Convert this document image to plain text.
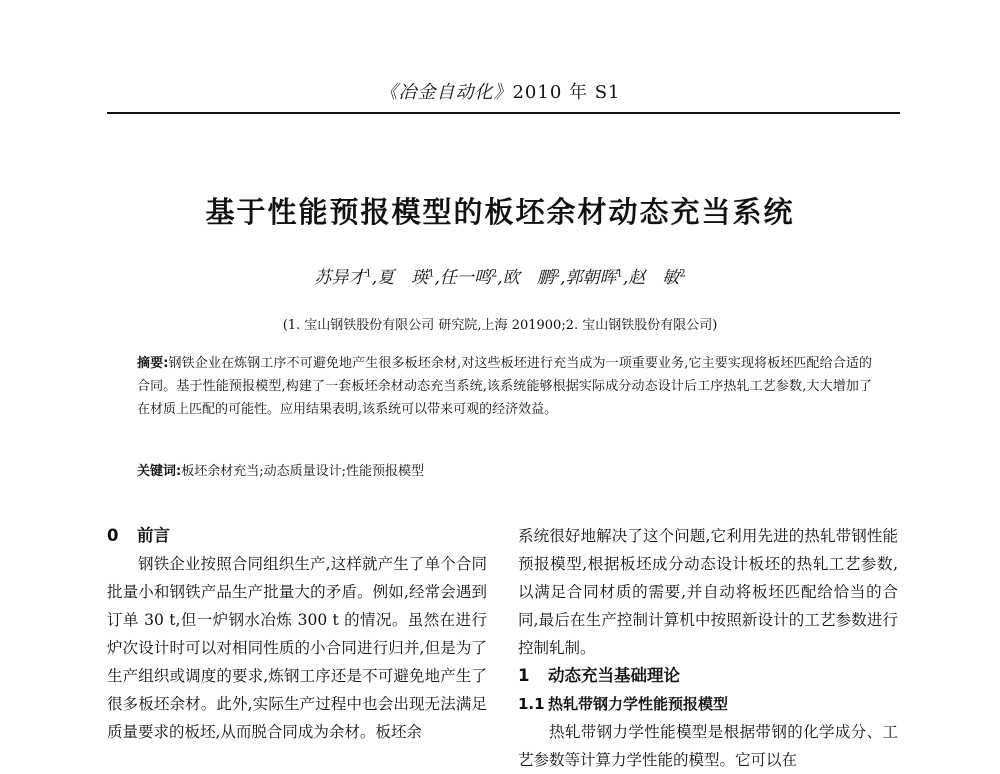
《冶金自动化》2010 年 S1
基于性能预报模型的板坯余材动态充当系统
苏异才$^1$,夏　瑛$^1$,任一鸣$^2$,欧　鹏$^2$,郭朝晖$^1$,赵　敏$^2$
(1. 宝山钢铁股份有限公司 研究院,上海 201900;2. 宝山钢铁股份有限公司)
摘要:钢铁企业在炼钢工序不可避免地产生很多板坯余材,对这些板坯进行充当成为一项重要业务,它主要实现将板坯匹配给合适的合同。基于性能预报模型,构建了一套板坯余材动态充当系统,该系统能够根据实际成分动态设计后工序热轧工艺参数,大大增加了在材质上匹配的可能性。应用结果表明,该系统可以带来可观的经济效益。
关键词:板坯余材充当;动态质量设计;性能预报模型
0 前言

钢铁企业按照合同组织生产,这样就产生了单个合同批量小和钢铁产品生产批量大的矛盾。例如,经常会遇到订单 30 t,但一炉钢水冶炼 300 t 的情况。虽然在进行炉次设计时可以对相同性质的小合同进行归并,但是为了生产组织或调度的要求,炼钢工序还是不可避免地产生了很多板坯余材。此外,实际生产过程中也会出现无法满足质量要求的板坯,从而脱合同成为余材。板坯余

系统很好地解决了这个问题,它利用先进的热轧带钢性能预报模型,根据板坯成分动态设计板坯的热轧工艺参数,以满足合同材质的需要,并自动将板坯匹配给恰当的合同,最后在生产控制计算机中按照新设计的工艺参数进行控制轧制。

1 动态充当基础理论
1.1 热轧带钢力学性能预报模型

热轧带钢力学性能模型是根据带钢的化学成分、工艺参数等计算力学性能的模型。它可以在
